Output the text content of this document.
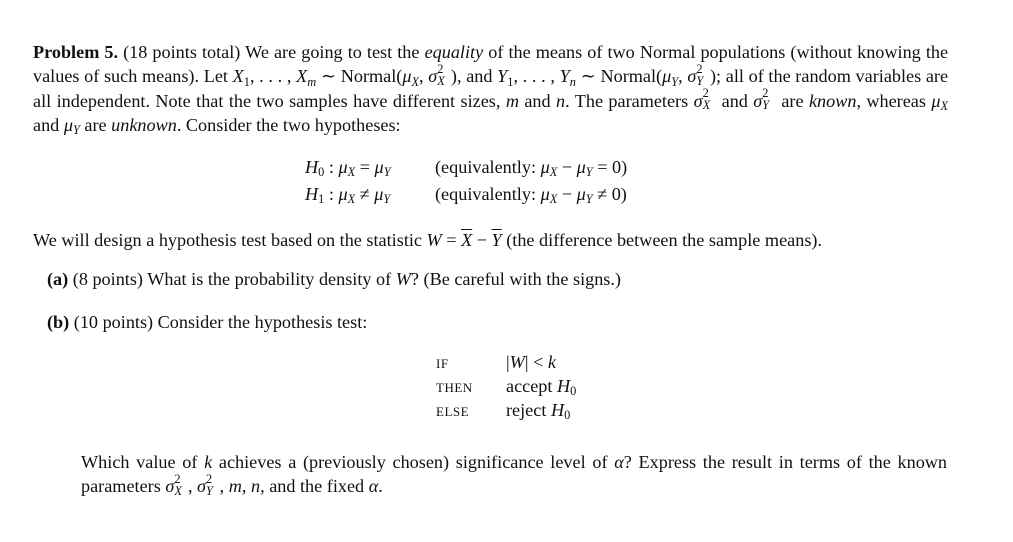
Problem 5. (18 points total) We are going to test the equality of the means of two Normal populations (without knowing the values of such means). Let $X_1$, . . . , $X_m$ ∼ $Normal(\mu_X$, σ 2
X ), and $Y_1$, . . . , $Y_n$ ∼ $Normal(\mu_Y$, σ 2
Y ); all of the random variables are all independent. Note that the two samples have different sizes, m and n. The parameters σ 2
X and σ 2
Y are known, whereas $\mu_X$ and $\mu_Y$ are unknown. Consider the two hypotheses:
$H_0$ : $\mu_X = \mu_Y$ (equivalently: $\mu_X - \mu_Y = 0$)
$H_1$ : $\mu_X \ne \mu_Y$ (equivalently: $\mu_X - \mu_Y \ne 0$)
We will design a hypothesis test based on the statistic $W = \overline{X} - \overline{Y}$ (the difference between the sample means).
(a) (8 points) What is the probability density of W? (Be careful with the signs.)
(b) (10 points) Consider the hypothesis test:
IF	|W| < k
THEN accept $H_0$
ELSE reject $H_0$
Which value of k achieves a (previously chosen) significance level of α? Express the result in terms of the known parameters σ 2
X , σ 2
Y , m, n, and the fixed α.
